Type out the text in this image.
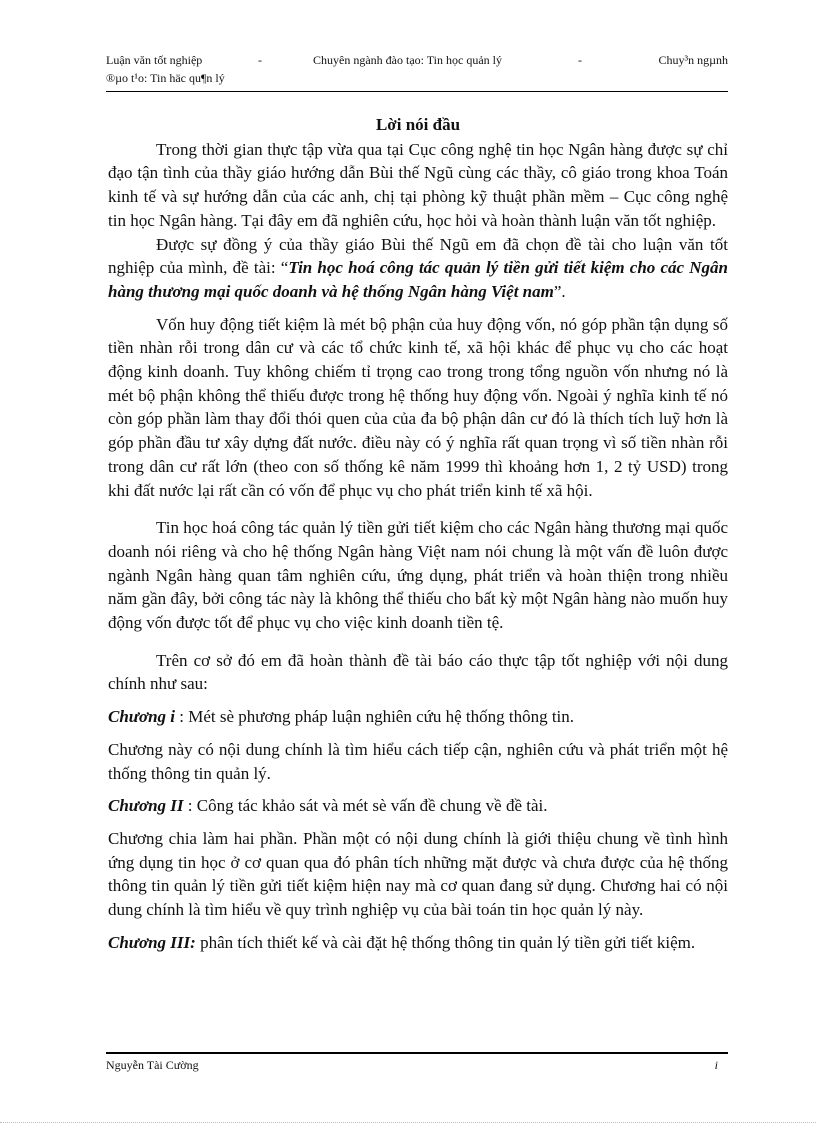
Luận văn tốt nghiệp	-	Chuyên ngành đào tạo: Tin học quản lý	-	Chuy³n ngµnh
®µo t¹o: Tin häc qu¶n lý
Lời nói đầu

Trong thời gian thực tập vừa qua tại Cục công nghệ tin học Ngân hàng được sự chỉ đạo tận tình của thầy giáo hướng dẫn Bùi thế Ngũ cùng các thầy, cô giáo trong khoa Toán kinh tế và sự hướng dẫn của các anh, chị tại phòng kỹ thuật phần mềm – Cục công nghệ tin học Ngân hàng. Tại đây em đã nghiên cứu, học hỏi và hoàn thành luận văn tốt nghiệp.

Được sự đồng ý của thầy giáo Bùi thế Ngũ em đã chọn đề tài cho luận văn tốt nghiệp của mình, đề tài: “Tin học hoá công tác quản lý tiền gửi tiết kiệm cho các Ngân hàng thương mại quốc doanh và hệ thống Ngân hàng Việt nam”.

Vốn huy động tiết kiệm là mét bộ phận của huy động vốn, nó góp phần tận dụng số tiền nhàn rỗi trong dân cư và các tổ chức kinh tế, xã hội khác để phục vụ cho các hoạt động kinh doanh. Tuy không chiếm tỉ trọng cao trong trong tổng nguồn vốn nhưng nó là mét bộ phận không thể thiếu được trong hệ thống huy động vốn. Ngoài ý nghĩa kinh tế nó còn góp phần làm thay đổi thói quen của của đa bộ phận dân cư đó là thích tích luỹ hơn là góp phần đầu tư xây dựng đất nước. điều này có ý nghĩa rất quan trọng vì số tiền nhàn rỗi trong dân cư rất lớn (theo con số thống kê năm 1999 thì khoảng hơn 1, 2 tỷ USD) trong khi đất nước lại rất cần có vốn để phục vụ cho phát triển kinh tế xã hội.

Tin học hoá công tác quản lý tiền gửi tiết kiệm cho các Ngân hàng thương mại quốc doanh nói riêng và cho hệ thống Ngân hàng Việt nam nói chung là một vấn đề luôn được ngành Ngân hàng quan tâm nghiên cứu, ứng dụng, phát triển và hoàn thiện trong nhiều năm gần đây, bởi công tác này là không thể thiếu cho bất kỳ một Ngân hàng nào muốn huy động vốn được tốt để phục vụ cho việc kinh doanh tiền tệ.

Trên cơ sở đó em đã hoàn thành đề tài báo cáo thực tập tốt nghiệp với nội dung chính như sau:

Chương i : Mét sè phương pháp luận nghiên cứu hệ thống thông tin.

Chương này có nội dung chính là tìm hiểu cách tiếp cận, nghiên cứu và phát triển một hệ thống thông tin quản lý.

Chương II : Công tác khảo sát và mét sè vấn đề chung về đề tài.

Chương chia làm hai phần. Phần một có nội dung chính là giới thiệu chung về tình hình ứng dụng tin học ở cơ quan qua đó phân tích những mặt được và chưa được của hệ thống thông tin quản lý tiền gửi tiết kiệm hiện nay mà cơ quan đang sử dụng. Chương hai có nội dung chính là tìm hiểu về quy trình nghiệp vụ của bài toán tin học quản lý này.

Chương III: phân tích thiết kế và cài đặt hệ thống thông tin quản lý tiền gửi tiết kiệm.

Nguyễn Tài Cường	i
